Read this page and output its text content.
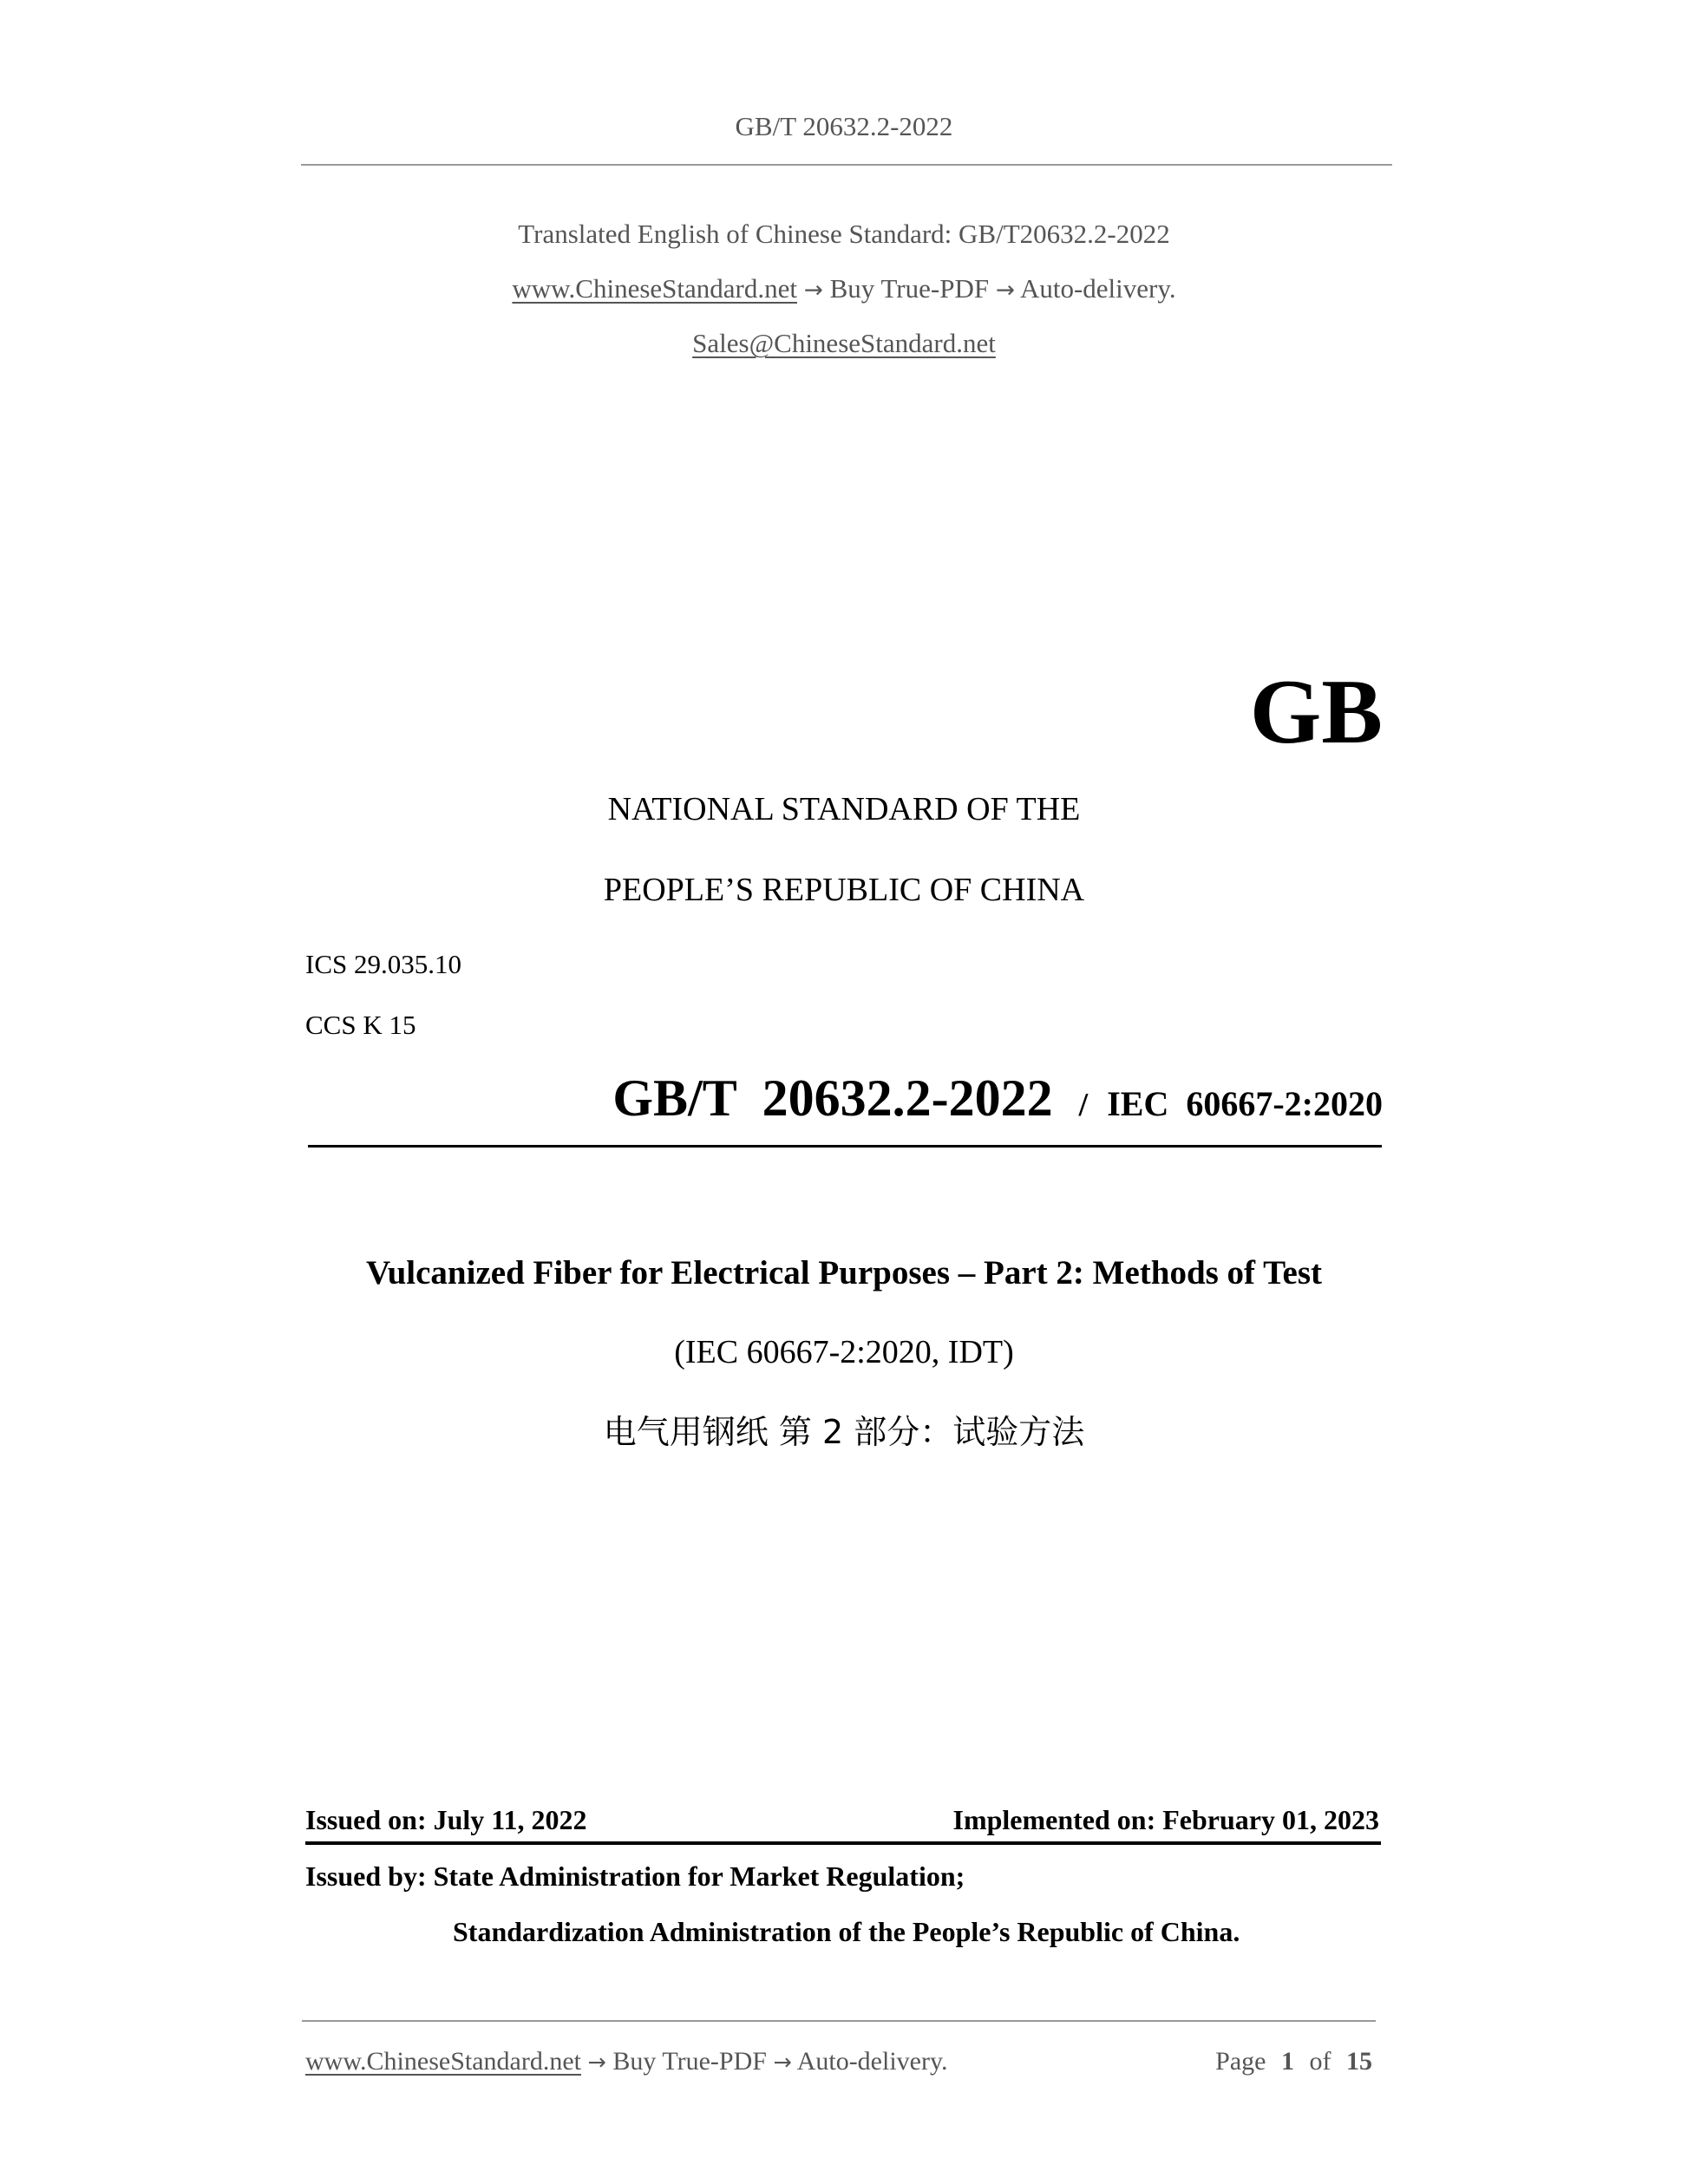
GB/T 20632.2-2022
Translated English of Chinese Standard: GB/T20632.2-2022
www.ChineseStandard.net → Buy True-PDF → Auto-delivery.
Sales@ChineseStandard.net
GB
NATIONAL STANDARD OF THE
PEOPLE’S REPUBLIC OF CHINA
ICS 29.035.10
CCS K 15
GB/T  20632.2-2022 / IEC  60667-2:2020
Vulcanized Fiber for Electrical Purposes – Part 2: Methods of Test
(IEC 60667-2:2020, IDT)
电气用钢纸 第 2 部分：试验方法
Issued on: July 11, 2022	Implemented on: February 01, 2023
Issued by: State Administration for Market Regulation;
Standardization Administration of the People’s Republic of China.
www.ChineseStandard.net → Buy True-PDF → Auto-delivery.	Page 1 of 15
